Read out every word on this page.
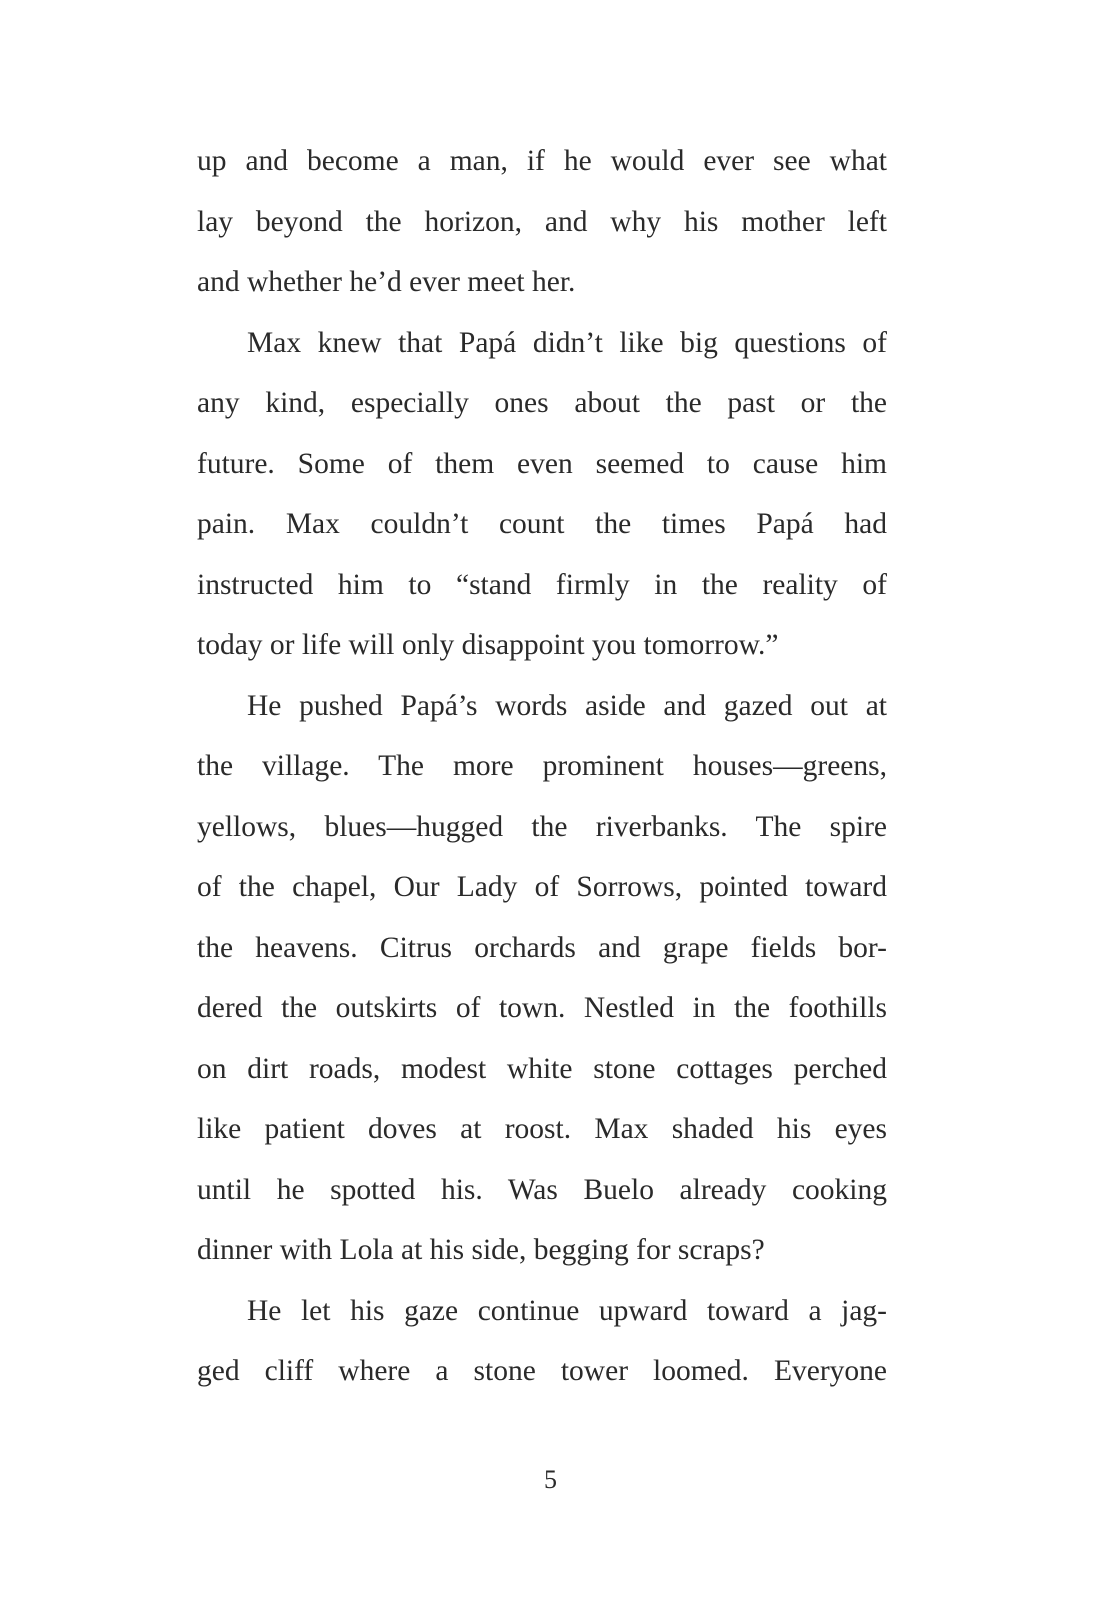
up and become a man, if he would ever see what
lay beyond the horizon, and why his mother left
and whether he’d ever meet her.
Max knew that Papá didn’t like big questions of
any kind, especially ones about the past or the
future. Some of them even seemed to cause him
pain. Max couldn’t count the times Papá had
instructed him to “stand firmly in the reality of
today or life will only disappoint you tomorrow.”
He pushed Papá’s words aside and gazed out at
the village. The more prominent houses—greens,
yellows, blues—hugged the riverbanks. The spire
of the chapel, Our Lady of Sorrows, pointed toward
the heavens. Citrus orchards and grape fields bor-
dered the outskirts of town. Nestled in the foothills
on dirt roads, modest white stone cottages perched
like patient doves at roost. Max shaded his eyes
until he spotted his. Was Buelo already cooking
dinner with Lola at his side, begging for scraps?
He let his gaze continue upward toward a jag-
ged cliff where a stone tower loomed. Everyone
5
